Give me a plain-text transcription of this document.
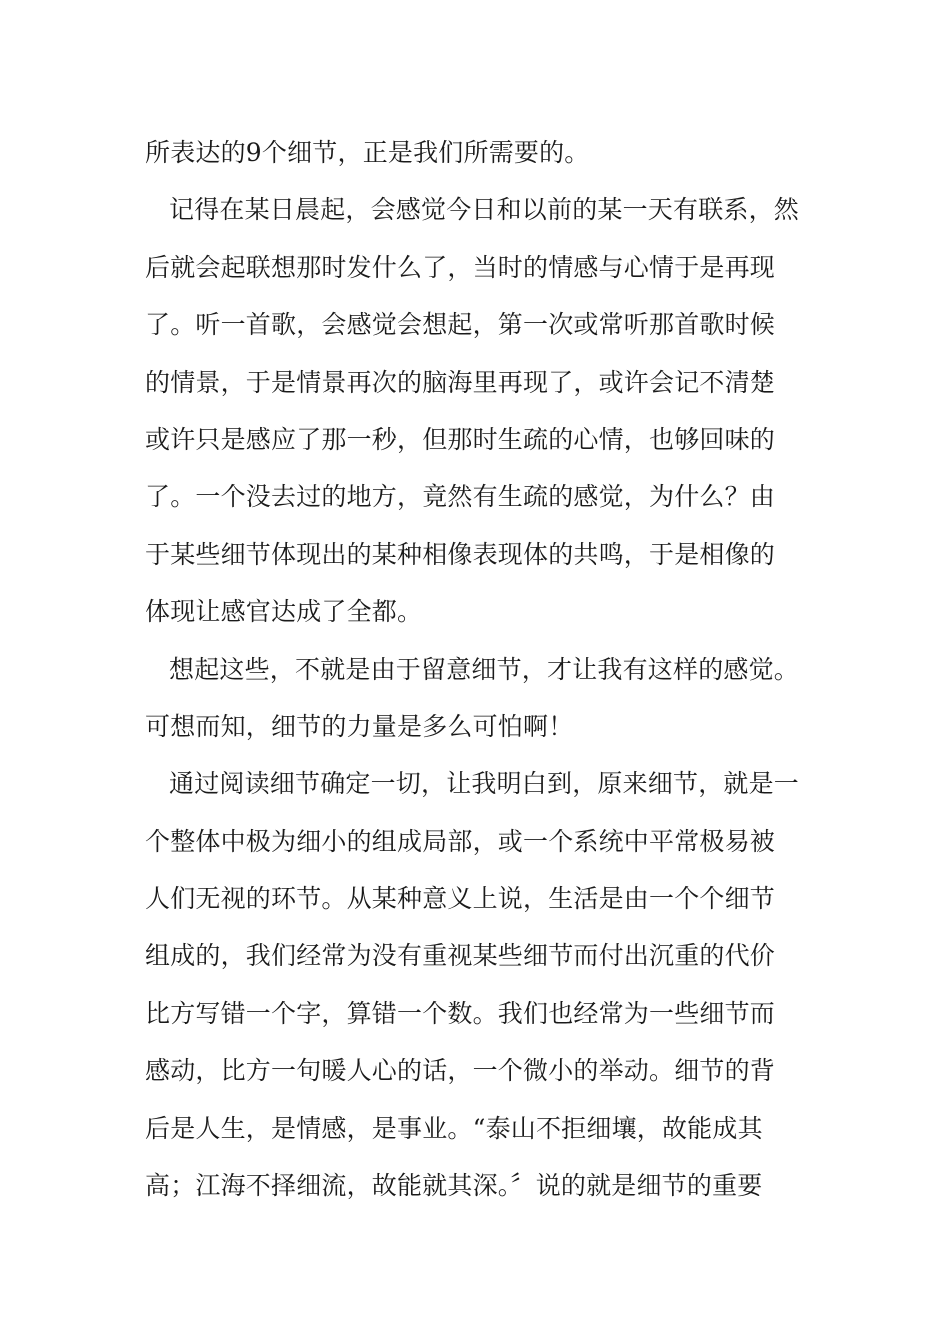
所表达的9个细节，正是我们所需要的。
记得在某日晨起，会感觉今日和以前的某一天有联系，然
后就会起联想那时发什么了，当时的情感与心情于是再现
了。听一首歌，会感觉会想起，第一次或常听那首歌时候
的情景，于是情景再次的脑海里再现了，或许会记不清楚
或许只是感应了那一秒，但那时生疏的心情，也够回味的
了。一个没去过的地方，竟然有生疏的感觉，为什么？由
于某些细节体现出的某种相像表现体的共鸣，于是相像的
体现让感官达成了全都。
想起这些，不就是由于留意细节，才让我有这样的感觉。
可想而知，细节的力量是多么可怕啊！
通过阅读细节确定一切，让我明白到，原来细节，就是一
个整体中极为细小的组成局部，或一个系统中平常极易被
人们无视的环节。从某种意义上说，生活是由一个个细节
组成的，我们经常为没有重视某些细节而付出沉重的代价
比方写错一个字，算错一个数。我们也经常为一些细节而
感动，比方一句暖人心的话，一个微小的举动。细节的背
后是人生，是情感，是事业。“泰山不拒细壤，故能成其
高；江海不择细流，故能就其深。〞说的就是细节的重要
